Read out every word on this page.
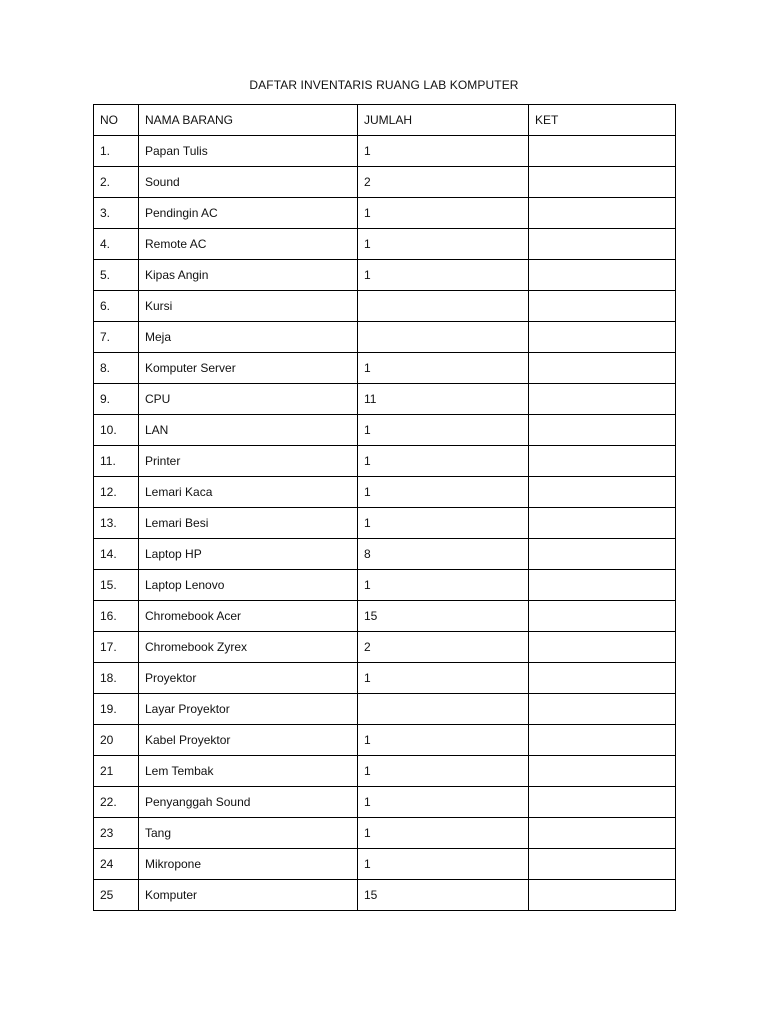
DAFTAR INVENTARIS RUANG LAB KOMPUTER
NO	NAMA BARANG	JUMLAH	KET
1.	Papan Tulis	1	
2.	Sound	2	
3.	Pendingin AC	1	
4.	Remote AC	1	
5.	Kipas Angin	1	
6.	Kursi		
7.	Meja		
8.	Komputer Server	1	
9.	CPU	11	
10.	LAN	1	
11.	Printer	1	
12.	Lemari Kaca	1	
13.	Lemari Besi	1	
14.	Laptop HP	8	
15.	Laptop Lenovo	1	
16.	Chromebook Acer	15	
17.	Chromebook Zyrex	2	
18.	Proyektor	1	
19.	Layar Proyektor		
20	Kabel Proyektor	1	
21	Lem Tembak	1	
22.	Penyanggah Sound	1	
23	Tang	1	
24	Mikropone	1	
25	Komputer	15	
